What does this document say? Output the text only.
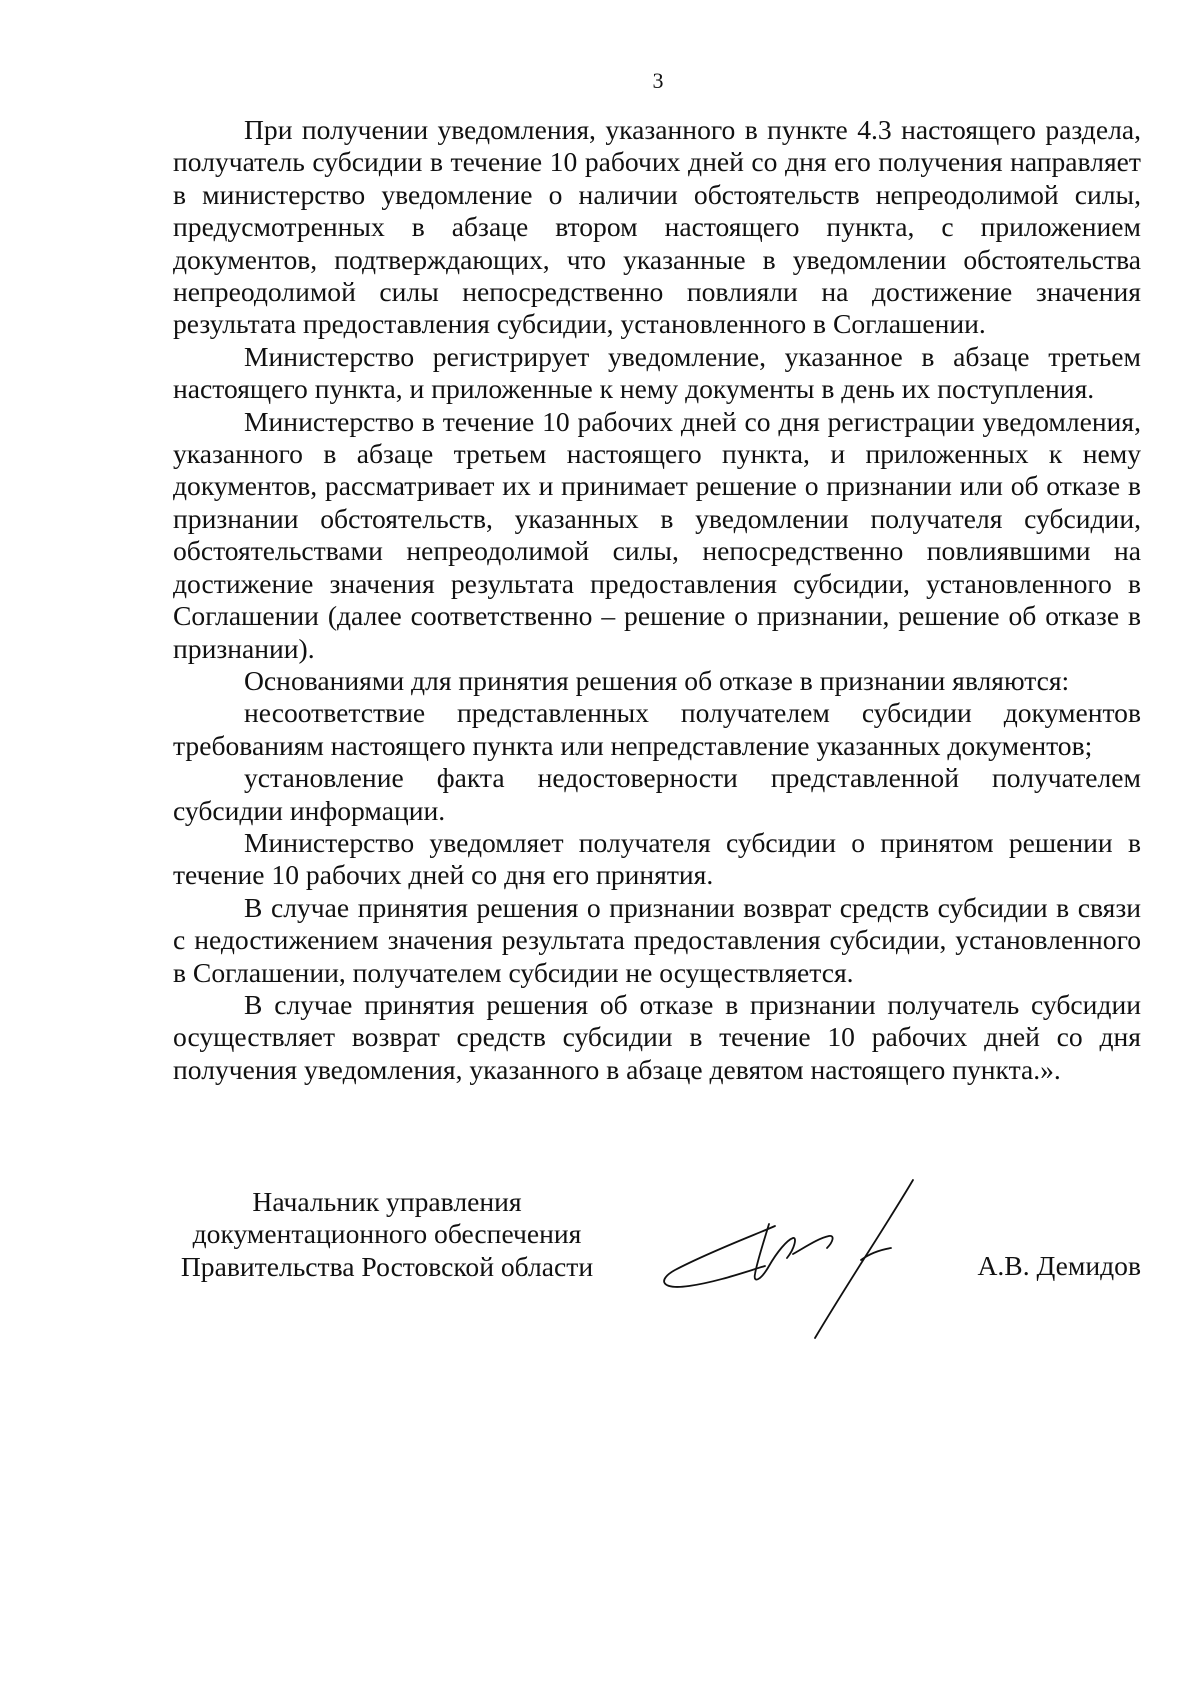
3

При получении уведомления, указанного в пункте 4.3 настоящего раздела, получатель субсидии в течение 10 рабочих дней со дня его получения направляет в министерство уведомление о наличии обстоятельств непреодолимой силы, предусмотренных в абзаце втором настоящего пункта, с приложением документов, подтверждающих, что указанные в уведомлении обстоятельства непреодолимой силы непосредственно повлияли на достижение значения результата предоставления субсидии, установленного в Соглашении.

Министерство регистрирует уведомление, указанное в абзаце третьем настоящего пункта, и приложенные к нему документы в день их поступления.

Министерство в течение 10 рабочих дней со дня регистрации уведомления, указанного в абзаце третьем настоящего пункта, и приложенных к нему документов, рассматривает их и принимает решение о признании или об отказе в признании обстоятельств, указанных в уведомлении получателя субсидии, обстоятельствами непреодолимой силы, непосредственно повлиявшими на достижение значения результата предоставления субсидии, установленного в Соглашении (далее соответственно – решение о признании, решение об отказе в признании).

Основаниями для принятия решения об отказе в признании являются:

несоответствие представленных получателем субсидии документов требованиям настоящего пункта или непредставление указанных документов;

установление факта недостоверности представленной получателем субсидии информации.

Министерство уведомляет получателя субсидии о принятом решении в течение 10 рабочих дней со дня его принятия.

В случае принятия решения о признании возврат средств субсидии в связи с недостижением значения результата предоставления субсидии, установленного в Соглашении, получателем субсидии не осуществляется.

В случае принятия решения об отказе в признании получатель субсидии осуществляет возврат средств субсидии в течение 10 рабочих дней со дня получения уведомления, указанного в абзаце девятом настоящего пункта.».

Начальник управления
документационного обеспечения
Правительства Ростовской области	А.В. Демидов
